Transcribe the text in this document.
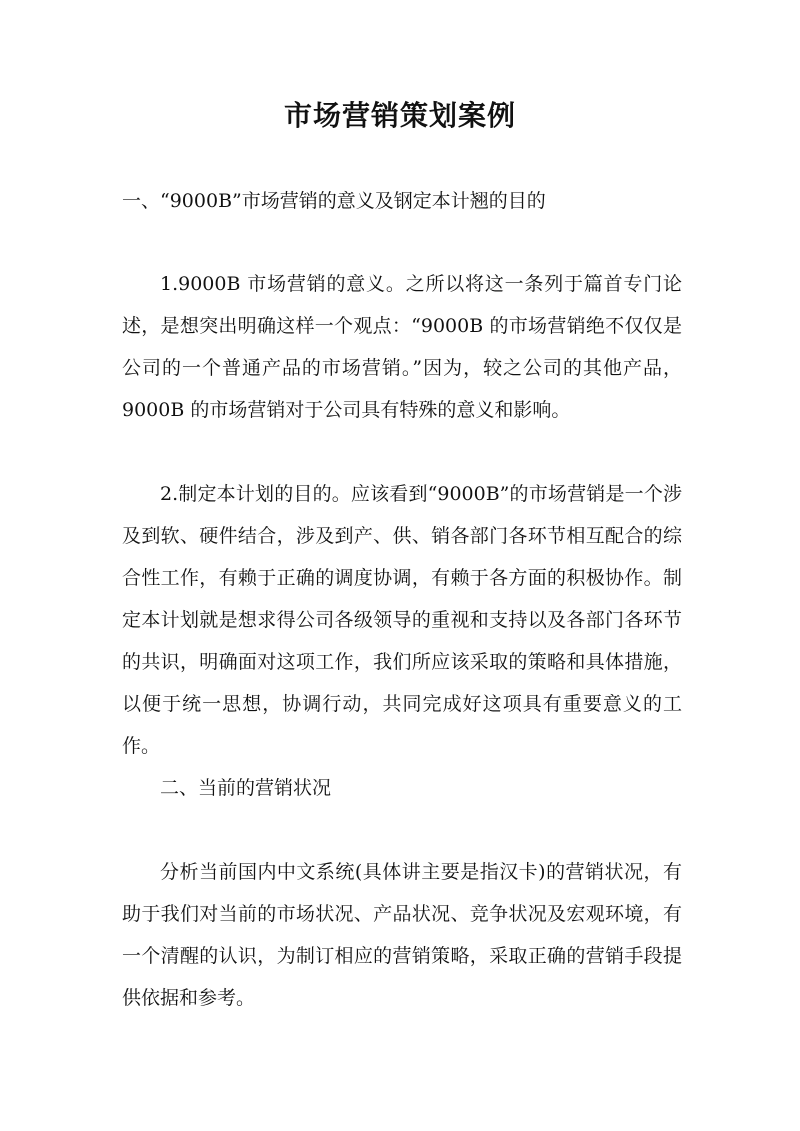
市场营销策划案例

一、“9000B”市场营销的意义及钢定本计翘的目的

1.9000B 市场营销的意义。之所以将这一条列于篇首专门论述，是想突出明确这样一个观点：“9000B 的市场营销绝不仅仅是公司的一个普通产品的市场营销。”因为，较之公司的其他产品，9000B 的市场营销对于公司具有特殊的意义和影响。

2.制定本计划的目的。应该看到“9000B”的市场营销是一个涉及到软、硬件结合，涉及到产、供、销各部门各环节相互配合的综合性工作，有赖于正确的调度协调，有赖于各方面的积极协作。制定本计划就是想求得公司各级领导的重视和支持以及各部门各环节的共识，明确面对这项工作，我们所应该采取的策略和具体措施，以便于统一思想，协调行动，共同完成好这项具有重要意义的工作。

二、当前的营销状况

分析当前国内中文系统(具体讲主要是指汉卡)的营销状况，有助于我们对当前的市场状况、产品状况、竞争状况及宏观环境，有一个清醒的认识，为制订相应的营销策略，采取正确的营销手段提供依据和参考。
